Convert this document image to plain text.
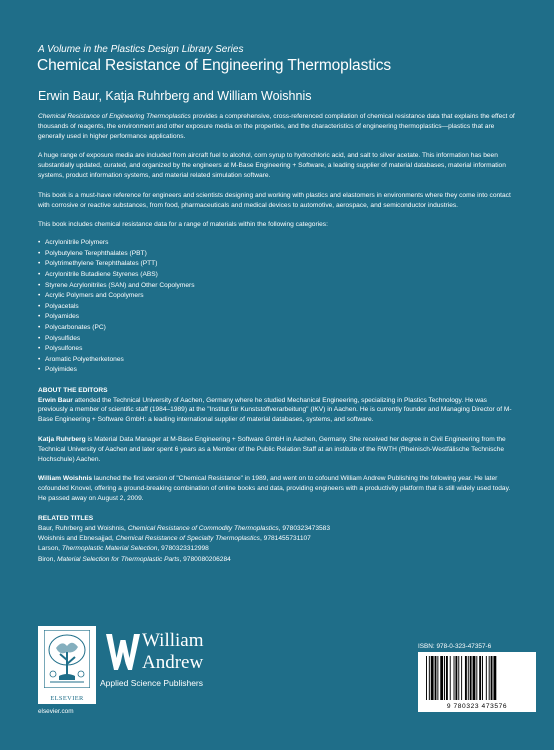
A Volume in the Plastics Design Library Series
Chemical Resistance of Engineering Thermoplastics
Erwin Baur, Katja Ruhrberg and William Woishnis

Chemical Resistance of Engineering Thermoplastics provides a comprehensive, cross-referenced compilation of chemical resistance data that explains the effect of thousands of reagents, the environment and other exposure media on the properties, and the characteristics of engineering thermoplastics—plastics that are generally used in higher performance applications.

A huge range of exposure media are included from aircraft fuel to alcohol, corn syrup to hydrochloric acid, and salt to silver acetate. This information has been substantially updated, curated, and organized by the engineers at M-Base Engineering + Software, a leading supplier of material databases, material information systems, product information systems, and material related simulation software.

This book is a must-have reference for engineers and scientists designing and working with plastics and elastomers in environments where they come into contact with corrosive or reactive substances, from food, pharmaceuticals and medical devices to automotive, aerospace, and semiconductor industries.

This book includes chemical resistance data for a range of materials within the following categories:

• Acrylonitrile Polymers
• Polybutylene Terephthalates (PBT)
• Polytrimethylene Terephthalates (PTT)
• Acrylonitrile Butadiene Styrenes (ABS)
• Styrene Acrylonitriles (SAN) and Other Copolymers
• Acrylic Polymers and Copolymers
• Polyacetals
• Polyamides
• Polycarbonates (PC)
• Polysulfides
• Polysulfones
• Aromatic Polyetherketones
• Polyimides
ABOUT THE EDITORS

Erwin Baur attended the Technical University of Aachen, Germany where he studied Mechanical Engineering, specializing in Plastics Technology. He was previously a member of scientific staff (1984–1989) at the "Institut für Kunststoffverarbeitung" (IKV) in Aachen. He is currently founder and Managing Director of M-Base Engineering + Software GmbH: a leading international supplier of material databases, systems, and software.

Katja Ruhrberg is Material Data Manager at M-Base Engineering + Software GmbH in Aachen, Germany. She received her degree in Civil Engineering from the Technical University of Aachen and later spent 6 years as a Member of the Public Relation Staff at an institute of the RWTH (Rheinisch-Westfälische Technische Hochschule) Aachen.

William Woishnis launched the first version of "Chemical Resistance" in 1989, and went on to cofound William Andrew Publishing the following year. He later cofounded Knovel, offering a ground-breaking combination of online books and data, providing engineers with a productivity platform that is still widely used today. He passed away on August 2, 2009.

RELATED TITLES
Baur, Ruhrberg and Woishnis, Chemical Resistance of Commodity Thermoplastics, 9780323473583
Woishnis and Ebnesajjad, Chemical Resistance of Specialty Thermoplastics, 9781455731107
Larson, Thermoplastic Material Selection, 9780323312998
Biron, Material Selection for Thermoplastic Parts, 9780080206284
ELSEVIER
elsevier.com
William
Andrew
Applied Science Publishers
ISBN: 978-0-323-47357-6
9 780323 473576
